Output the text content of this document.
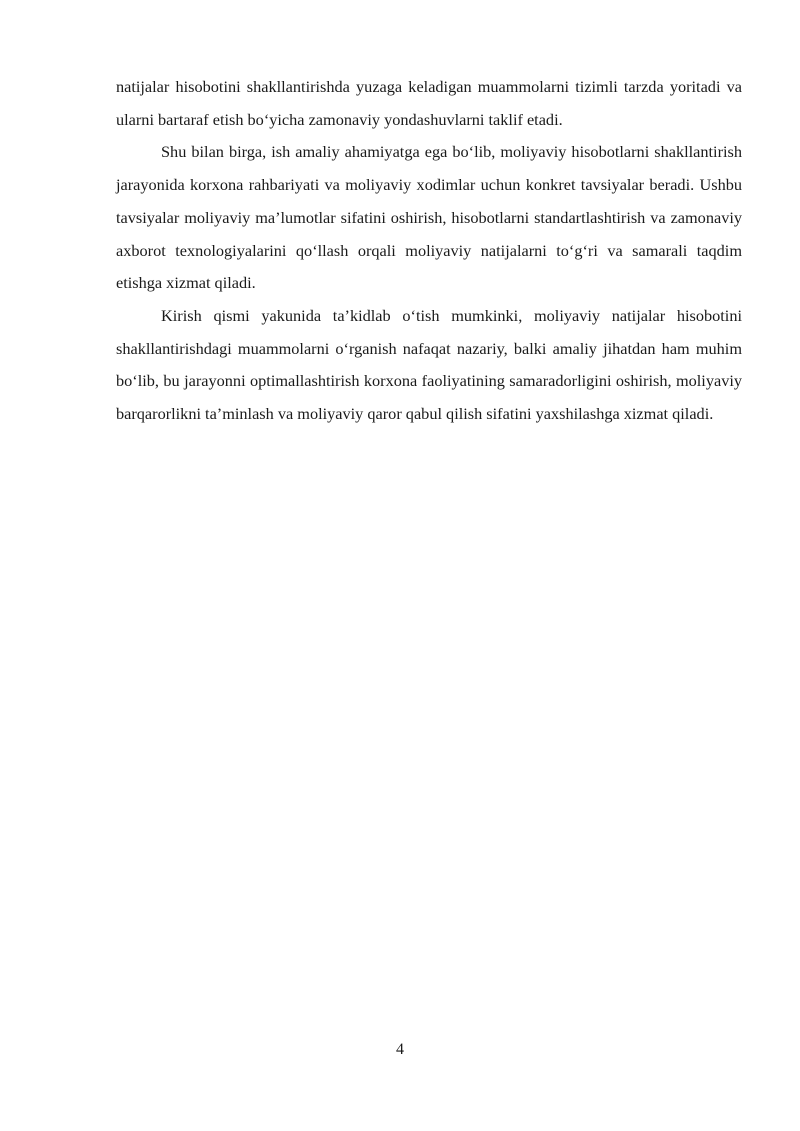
natijalar hisobotini shakllantirishda yuzaga keladigan muammolarni tizimli tarzda yoritadi va ularni bartaraf etish boʻyicha zamonaviy yondashuvlarni taklif etadi.

Shu bilan birga, ish amaliy ahamiyatga ega boʻlib, moliyaviy hisobotlarni shakllantirish jarayonida korxona rahbariyati va moliyaviy xodimlar uchun konkret tavsiyalar beradi. Ushbu tavsiyalar moliyaviy ma’lumotlar sifatini oshirish, hisobotlarni standartlashtirish va zamonaviy axborot texnologiyalarini qoʻllash orqali moliyaviy natijalarni toʻgʻri va samarali taqdim etishga xizmat qiladi.

Kirish qismi yakunida ta’kidlab oʻtish mumkinki, moliyaviy natijalar hisobotini shakllantirishdagi muammolarni oʻrganish nafaqat nazariy, balki amaliy jihatdan ham muhim boʻlib, bu jarayonni optimallashtirish korxona faoliyatining samaradorligini oshirish, moliyaviy barqarorlikni ta’minlash va moliyaviy qaror qabul qilish sifatini yaxshilashga xizmat qiladi.

4
